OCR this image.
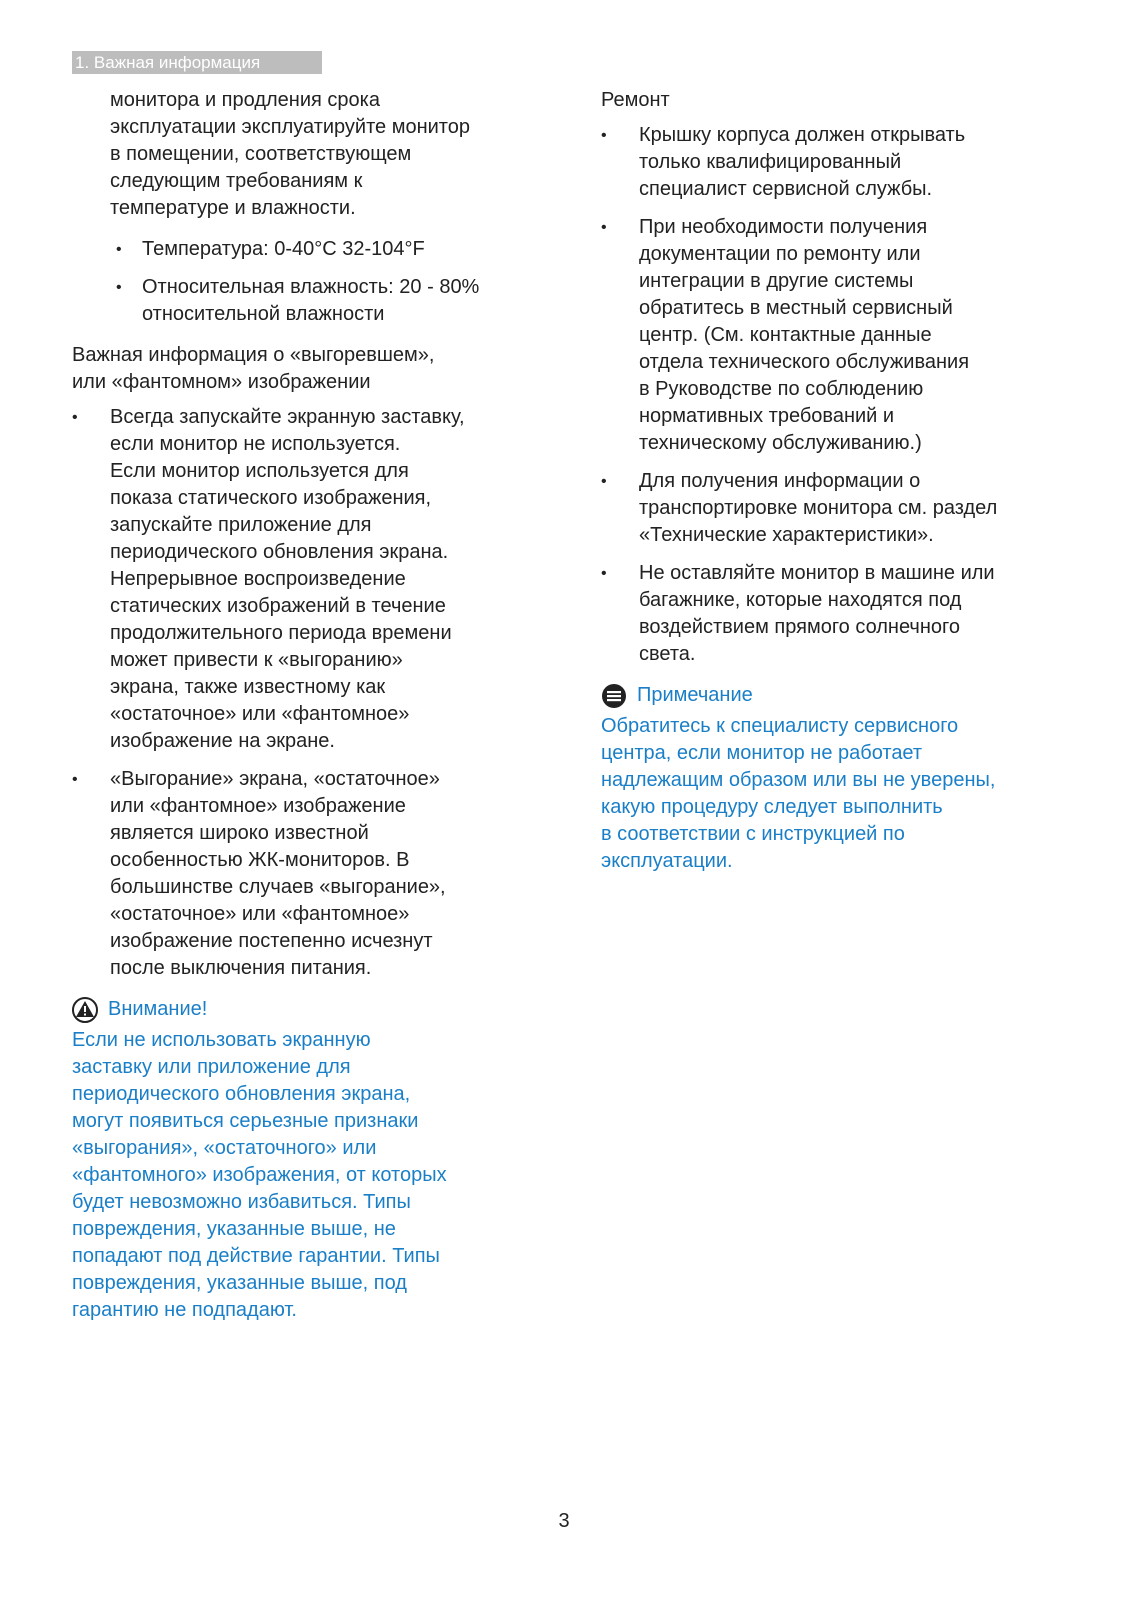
1. Важная информация

монитора и продления срока
эксплуатации эксплуатируйте монитор
в помещении, соответствующем
следующим требованиям к
температуре и влажности.

• Температура: 0-40°C 32-104°F

• Относительная влажность: 20 - 80%
относительной влажности

Важная информация о «выгоревшем»,
или «фантомном» изображении

• Всегда запускайте экранную заставку,
если монитор не используется.
Если монитор используется для
показа статического изображения,
запускайте приложение для
периодического обновления экрана.
Непрерывное воспроизведение
статических изображений в течение
продолжительного периода времени
может привести к «выгоранию»
экрана, также известному как
«остаточное» или «фантомное»
изображение на экране.

• «Выгорание» экрана, «остаточное»
или «фантомное» изображение
является широко известной
особенностью ЖК-мониторов. В
большинстве случаев «выгорание»,
«остаточное» или «фантомное»
изображение постепенно исчезнут
после выключения питания.

Внимание!

Если не использовать экранную
заставку или приложение для
периодического обновления экрана,
могут появиться серьезные признаки
«выгорания», «остаточного» или
«фантомного» изображения, от которых
будет невозможно избавиться. Типы
повреждения, указанные выше, не
попадают под действие гарантии. Типы
повреждения, указанные выше, под
гарантию не подпадают.

Ремонт

• Крышку корпуса должен открывать
только квалифицированный
специалист сервисной службы.

• При необходимости получения
документации по ремонту или
интеграции в другие системы
обратитесь в местный сервисный
центр. (См. контактные данные
отдела технического обслуживания
в Руководстве по соблюдению
нормативных требований и
техническому обслуживанию.)

• Для получения информации о
транспортировке монитора см. раздел
«Технические характеристики».

• Не оставляйте монитор в машине или
багажнике, которые находятся под
воздействием прямого солнечного
света.

Примечание

Обратитесь к специалисту сервисного
центра, если монитор не работает
надлежащим образом или вы не уверены,
какую процедуру следует выполнить
в соответствии с инструкцией по
эксплуатации.

3
